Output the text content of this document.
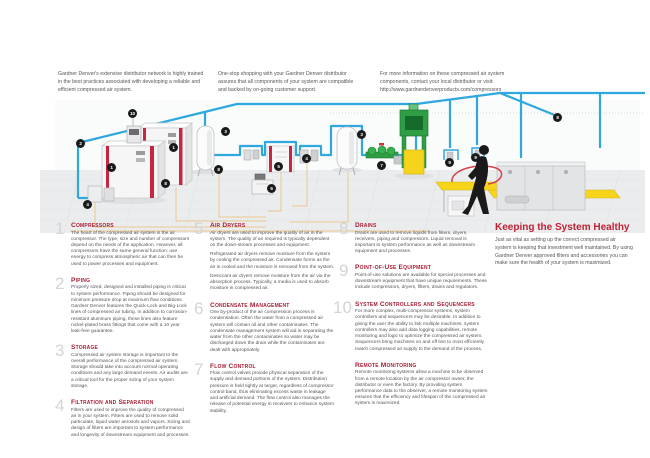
Gardner Denver's extensive distributor network is highly trained in the best practices associated with developing a reliable and efficient compressed air system.

One-stop shopping with your Gardner Denver distributor assures that all components of your system are compatible and backed by on-going customer support.

For more information on these compressed air system components, contact your local distributor or visit:
http://www.gardnerdenverproducts.com/compressors

2
1
1
10
4
8
3
8
5
4
6
3
7
9
9
8
1 Compressors

The heart of the compressed air system is the air compressor. The type, size and number of compressors depend on the needs of the application. However, all compressors have the same general function: use energy to compress atmospheric air that can then be used to power processes and equipment.

2 Piping

Properly sized, designed and installed piping is critical to system performance. Piping should be designed for minimum pressure drop at maximum flow conditions. Gardner Denver features the Quick-Lock and Big-Lock lines of compressed air tubing. In addition to corrosion-resistant aluminum piping, these lines also feature nickel-plated brass fittings that come with a 10 year leak-free guarantee.

3 Storage

Compressed air system storage is important to the overall performance of the compressed air system. Storage should take into account normal operating conditions and any large demand events. Air audits are a critical tool for the proper sizing of your system storage.

4 Filtration and Separation

Filters are used to improve the quality of compressed air in your system. Filters are used to remove solid particulate, liquid water aerosols and vapors. Sizing and design of filters are important to system performance and longevity of downstream equipment and processes.

5 Air Dryers

Air dryers are used to improve the quality of air in the system. The quality of air required is typically dependent on the down-stream processes and equipment.

Refrigerated air dryers remove moisture from the system by cooling the compressed air. Condensate forms as the air is cooled and the moisture is removed from the system.

Desiccant air dryers remove moisture from the air via the absorption process. Typically, a media is used to absorb moisture in compressed air.

6 Condensate Management

One by-product of the air compression process is condensation. Often the water from a compressed air system will contain oil and other contaminates. The condensate management system will aid in separating the water from the other contaminates so water may be discharged down the drain while the contaminates are dealt with appropriately.

7 Flow Control

Flow control valves provide physical separation of the supply and demand portions of the system. Distribution pressure is held tightly at target, regardless of compressor control band, thus eliminating excess waste in leakage and artificial demand. The flow control also manages the release of potential energy in receivers to enhance system stability.

8 Drains

Drains are used to remove liquids from filters, dryers, receivers, piping and compressors. Liquid removal is important to system performance as well as downstream equipment and processes.

9 Point-of-Use Equipment

Point-of-use solutions are available for special processes and downstream equipment that have unique requirements. These include compressors, dryers, filters, drains and regulators.

10 System Controllers and Sequencers

For more complex, multi-compressor systems, system controllers and sequencers may be desirable. In addition to giving the user the ability to link multiple machines, system controllers may also add data logging capabilities, remote monitoring and logic to optimize the compressed air system. Sequencers bring machines on and off line to most efficiently match compressed air supply to the demand of the process.

Remote Monitoring

Remote monitoring systems allow a machine to be observed from a remote location by the air compressor owner, the distributor or even the factory. By providing system performance data to the observer, a remote monitoring system ensures that the efficiency and lifespan of the compressed air system is maximized.

Keeping the System Healthy

Just as vital as setting up the correct compressed air system is keeping that investment well maintained. By using Gardner Denver approved filters and accessories you can make sure the health of your system is maximized.
